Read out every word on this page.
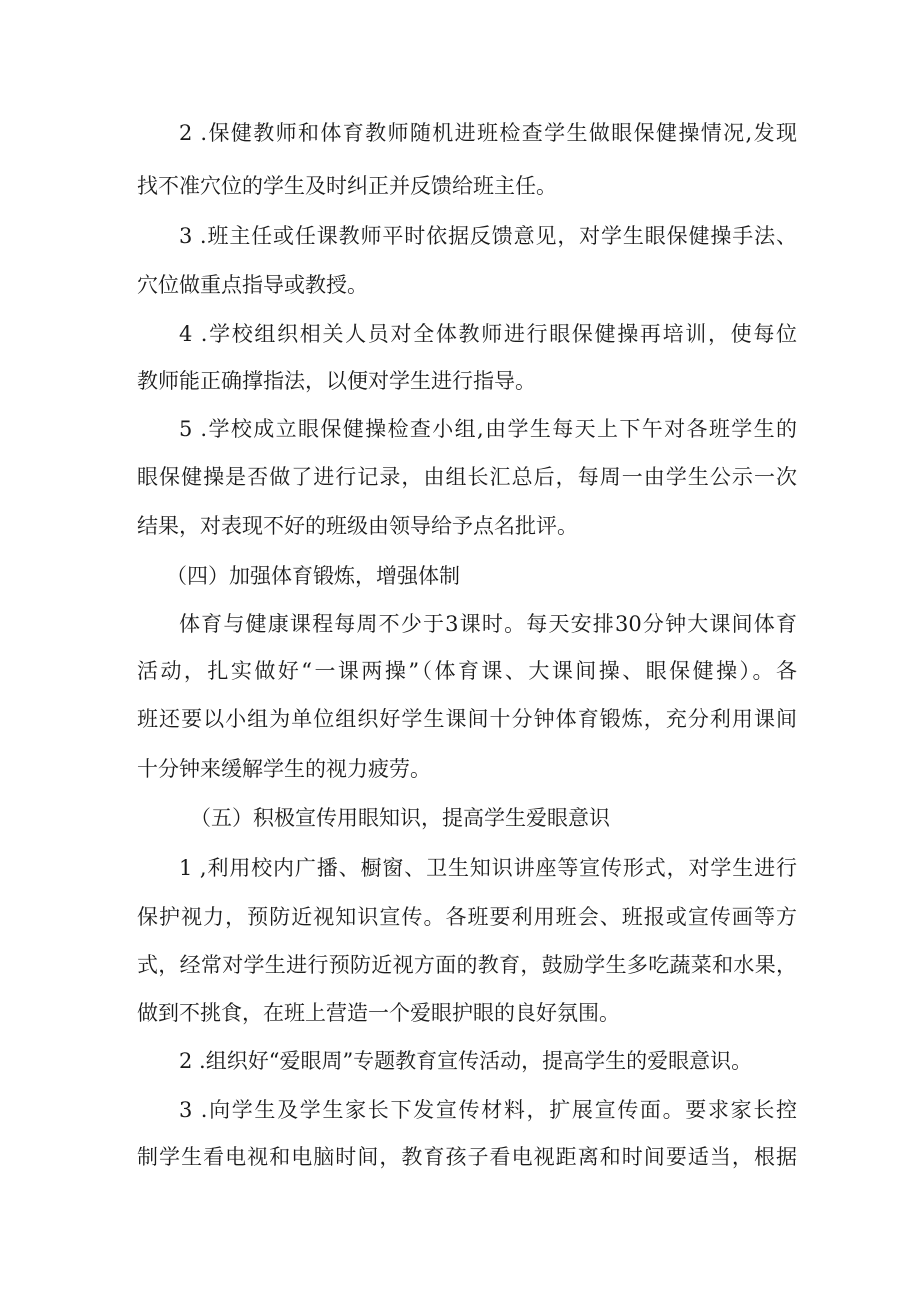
2 .保健教师和体育教师随机进班检查学生做眼保健操情况,发现
找不准穴位的学生及时纠正并反馈给班主任。
3 .班主任或任课教师平时依据反馈意见，对学生眼保健操手法、
穴位做重点指导或教授。
4 .学校组织相关人员对全体教师进行眼保健操再培训，使每位
教师能正确撑指法，以便对学生进行指导。
5 .学校成立眼保健操检查小组,由学生每天上下午对各班学生的
眼保健操是否做了进行记录，由组长汇总后，每周一由学生公示一次
结果，对表现不好的班级由领导给予点名批评。
（四）加强体育锻炼，增强体制
体育与健康课程每周不少于3课时。每天安排30分钟大课间体育
活动，扎实做好“一课两操”（体育课、大课间操、眼保健操）。各
班还要以小组为单位组织好学生课间十分钟体育锻炼，充分利用课间
十分钟来缓解学生的视力疲劳。
（五）积极宣传用眼知识，提高学生爱眼意识
1 ,利用校内广播、橱窗、卫生知识讲座等宣传形式，对学生进行
保护视力，预防近视知识宣传。各班要利用班会、班报或宣传画等方
式，经常对学生进行预防近视方面的教育，鼓励学生多吃蔬菜和水果，
做到不挑食，在班上营造一个爱眼护眼的良好氛围。
2 .组织好“爱眼周”专题教育宣传活动，提高学生的爱眼意识。
3 .向学生及学生家长下发宣传材料，扩展宣传面。要求家长控
制学生看电视和电脑时间，教育孩子看电视距离和时间要适当，根据
